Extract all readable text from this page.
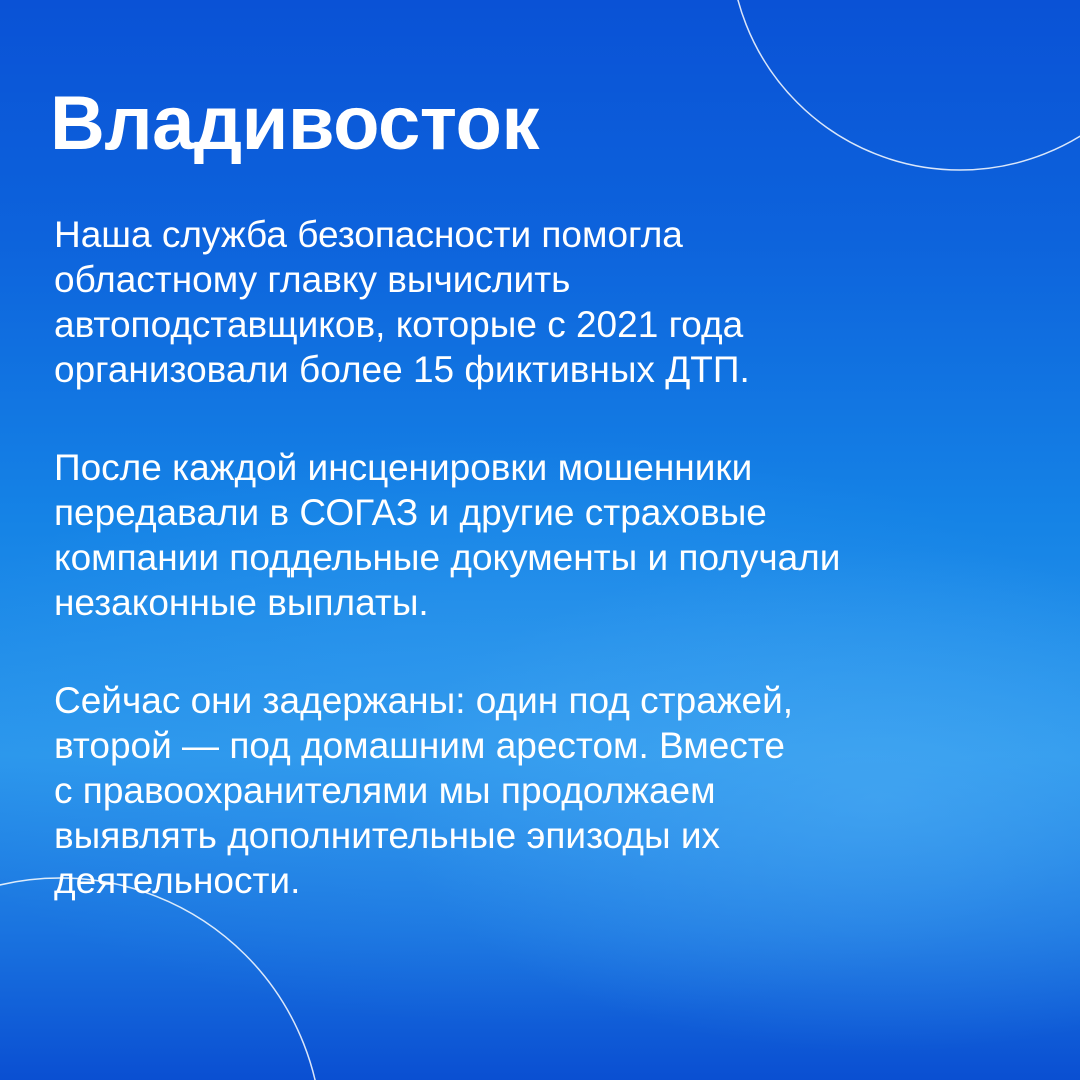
Владивосток

Наша служба безопасности помогла
областному главку вычислить
автоподставщиков, которые с 2021 года
организовали более 15 фиктивных ДТП.

После каждой инсценировки мошенники
передавали в СОГАЗ и другие страховые
компании поддельные документы и получали
незаконные выплаты.

Сейчас они задержаны: один под стражей,
второй — под домашним арестом. Вместе
с правоохранителями мы продолжаем
выявлять дополнительные эпизоды их
деятельности.
